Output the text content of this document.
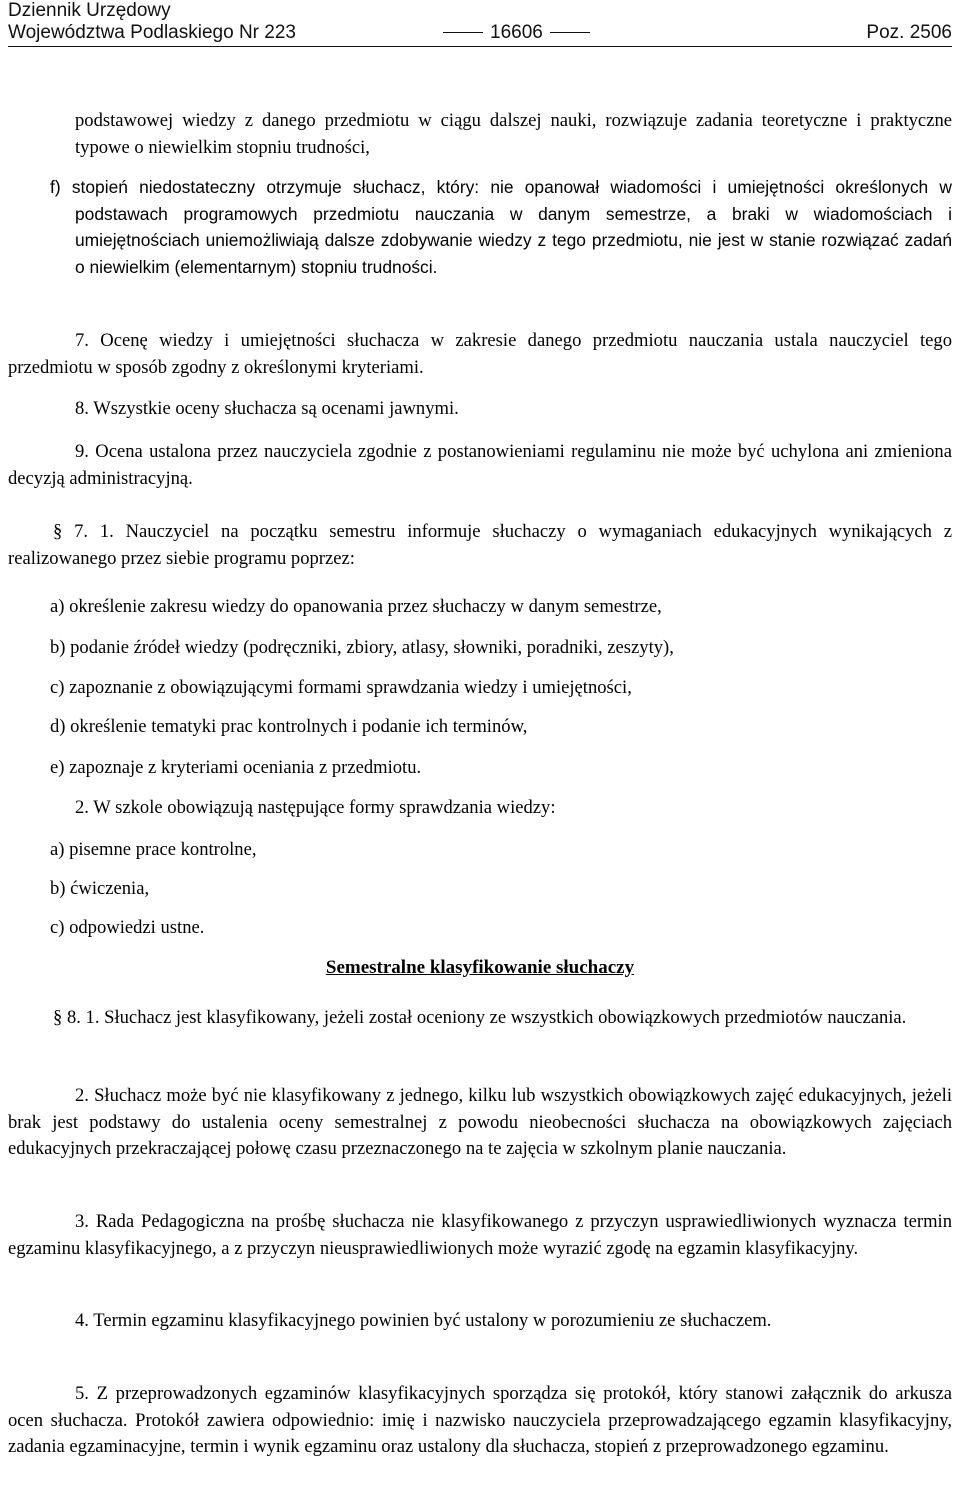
Dziennik Urzędowy
Województwa Podlaskiego Nr 223	16606	Poz. 2506
podstawowej wiedzy z danego przedmiotu w ciągu dalszej nauki, rozwiązuje zadania teoretyczne i praktyczne typowe o niewielkim stopniu trudności,
f) stopień niedostateczny otrzymuje słuchacz, który: nie opanował wiadomości i umiejętności określonych w podstawach programowych przedmiotu nauczania w danym semestrze, a braki w wiadomościach i umiejętnościach uniemożliwiają dalsze zdobywanie wiedzy z tego przedmiotu, nie jest w stanie rozwiązać zadań o niewielkim (elementarnym) stopniu trudności.
7. Ocenę wiedzy i umiejętności słuchacza w zakresie danego przedmiotu nauczania ustala nauczyciel tego przedmiotu w sposób zgodny z określonymi kryteriami.
8. Wszystkie oceny słuchacza są ocenami jawnymi.
9. Ocena ustalona przez nauczyciela zgodnie z postanowieniami regulaminu nie może być uchylona ani zmieniona decyzją administracyjną.
§ 7. 1. Nauczyciel na początku semestru informuje słuchaczy o wymaganiach edukacyjnych wynikających z realizowanego przez siebie programu poprzez:
a) określenie zakresu wiedzy do opanowania przez słuchaczy w danym semestrze,
b) podanie źródeł wiedzy (podręczniki, zbiory, atlasy, słowniki, poradniki, zeszyty),
c) zapoznanie z obowiązującymi formami sprawdzania wiedzy i umiejętności,
d) określenie tematyki prac kontrolnych i podanie ich terminów,
e) zapoznaje z kryteriami oceniania z przedmiotu.
2. W szkole obowiązują następujące formy sprawdzania wiedzy:
a) pisemne prace kontrolne,
b) ćwiczenia,
c) odpowiedzi ustne.
Semestralne klasyfikowanie słuchaczy
§ 8. 1. Słuchacz jest klasyfikowany, jeżeli został oceniony ze wszystkich obowiązkowych przedmiotów nauczania.
2. Słuchacz może być nie klasyfikowany z jednego, kilku lub wszystkich obowiązkowych zajęć edukacyjnych, jeżeli brak jest podstawy do ustalenia oceny semestralnej z powodu nieobecności słuchacza na obowiązkowych zajęciach edukacyjnych przekraczającej połowę czasu przeznaczonego na te zajęcia w szkolnym planie nauczania.
3. Rada Pedagogiczna na prośbę słuchacza nie klasyfikowanego z przyczyn usprawiedliwionych wyznacza termin egzaminu klasyfikacyjnego, a z przyczyn nieusprawiedliwionych może wyrazić zgodę na egzamin klasyfikacyjny.
4. Termin egzaminu klasyfikacyjnego powinien być ustalony w porozumieniu ze słuchaczem.
5. Z przeprowadzonych egzaminów klasyfikacyjnych sporządza się protokół, który stanowi załącznik do arkusza ocen słuchacza. Protokół zawiera odpowiednio: imię i nazwisko nauczyciela przeprowadzającego egzamin klasyfikacyjny, zadania egzaminacyjne, termin i wynik egzaminu oraz ustalony dla słuchacza, stopień z przeprowadzonego egzaminu.
